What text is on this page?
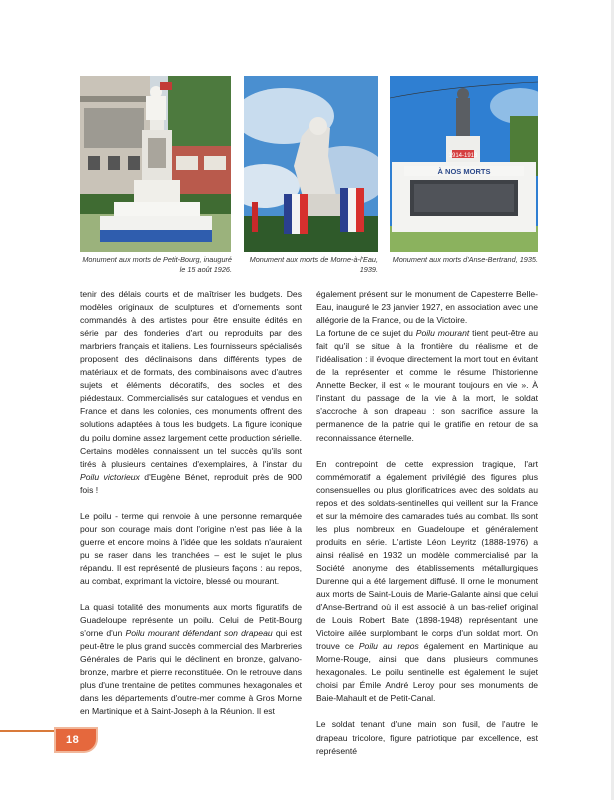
1914-1918
À NOS MORTS
Monument aux morts de Petit-Bourg, inauguré le 15 août 1926.
Monument aux morts de Morne-à-l'Eau, 1939.
Monument aux morts d'Anse-Bertrand, 1935.

tenir des délais courts et de maîtriser les budgets. Des modèles originaux de sculptures et d'ornements sont commandés à des artistes pour être ensuite édités en série par des fonderies d'art ou reproduits par des marbriers français et italiens. Les fournisseurs spécialisés proposent des déclinaisons dans différents types de matériaux et de formats, des combinaisons avec d'autres sujets et éléments décoratifs, des socles et des piédestaux. Commercialisés sur catalogues et vendus en France et dans les colonies, ces monuments offrent des solutions adaptées à tous les budgets. La figure iconique du poilu domine assez largement cette production sérielle. Certains modèles connaissent un tel succès qu'ils sont tirés à plusieurs centaines d'exemplaires, à l'instar du Poilu victorieux d'Eugène Bénet, reproduit près de 900 fois !

Le poilu - terme qui renvoie à une personne remarquée pour son courage mais dont l'origine n'est pas liée à la guerre et encore moins à l'idée que les soldats n'auraient pu se raser dans les tranchées – est le sujet le plus répandu. Il est représenté de plusieurs façons : au repos, au combat, exprimant la victoire, blessé ou mourant.

La quasi totalité des monuments aux morts figuratifs de Guadeloupe représente un poilu. Celui de Petit-Bourg s'orne d'un Poilu mourant défendant son drapeau qui est peut-être le plus grand succès commercial des Marbreries Générales de Paris qui le déclinent en bronze, galvano-bronze, marbre et pierre reconstituée. On le retrouve dans plus d'une trentaine de petites communes hexagonales et dans les départements d'outre-mer comme à Gros Morne en Martinique et à Saint-Joseph à la Réunion. Il est

également présent sur le monument de Capesterre Belle-Eau, inauguré le 23 janvier 1927, en association avec une allégorie de la France, ou de la Victoire.

La fortune de ce sujet du Poilu mourant tient peut-être au fait qu'il se situe à la frontière du réalisme et de l'idéalisation : il évoque directement la mort tout en évitant de la représenter et comme le résume l'historienne Annette Becker, il est « le mourant toujours en vie ». À l'instant du passage de la vie à la mort, le soldat s'accroche à son drapeau : son sacrifice assure la permanence de la patrie qui le gratifie en retour de sa reconnaissance éternelle.

En contrepoint de cette expression tragique, l'art commémoratif a également privilégié des figures plus consensuelles ou plus glorificatrices avec des soldats au repos et des soldats-sentinelles qui veillent sur la France et sur la mémoire des camarades tués au combat. Ils sont les plus nombreux en Guadeloupe et généralement produits en série. L'artiste Léon Leyritz (1888-1976) a ainsi réalisé en 1932 un modèle commercialisé par la Société anonyme des établissements métallurgiques Durenne qui a été largement diffusé. Il orne le monument aux morts de Saint-Louis de Marie-Galante ainsi que celui d'Anse-Bertrand où il est associé à un bas-relief original de Louis Robert Bate (1898-1948) représentant une Victoire ailée surplombant le corps d'un soldat mort. On trouve ce Poilu au repos également en Martinique au Morne-Rouge, ainsi que dans plusieurs communes hexagonales. Le poilu sentinelle est également le sujet choisi par Émile André Leroy pour ses monuments de Baie-Mahault et de Petit-Canal.

Le soldat tenant d'une main son fusil, de l'autre le drapeau tricolore, figure patriotique par excellence, est représenté

18
